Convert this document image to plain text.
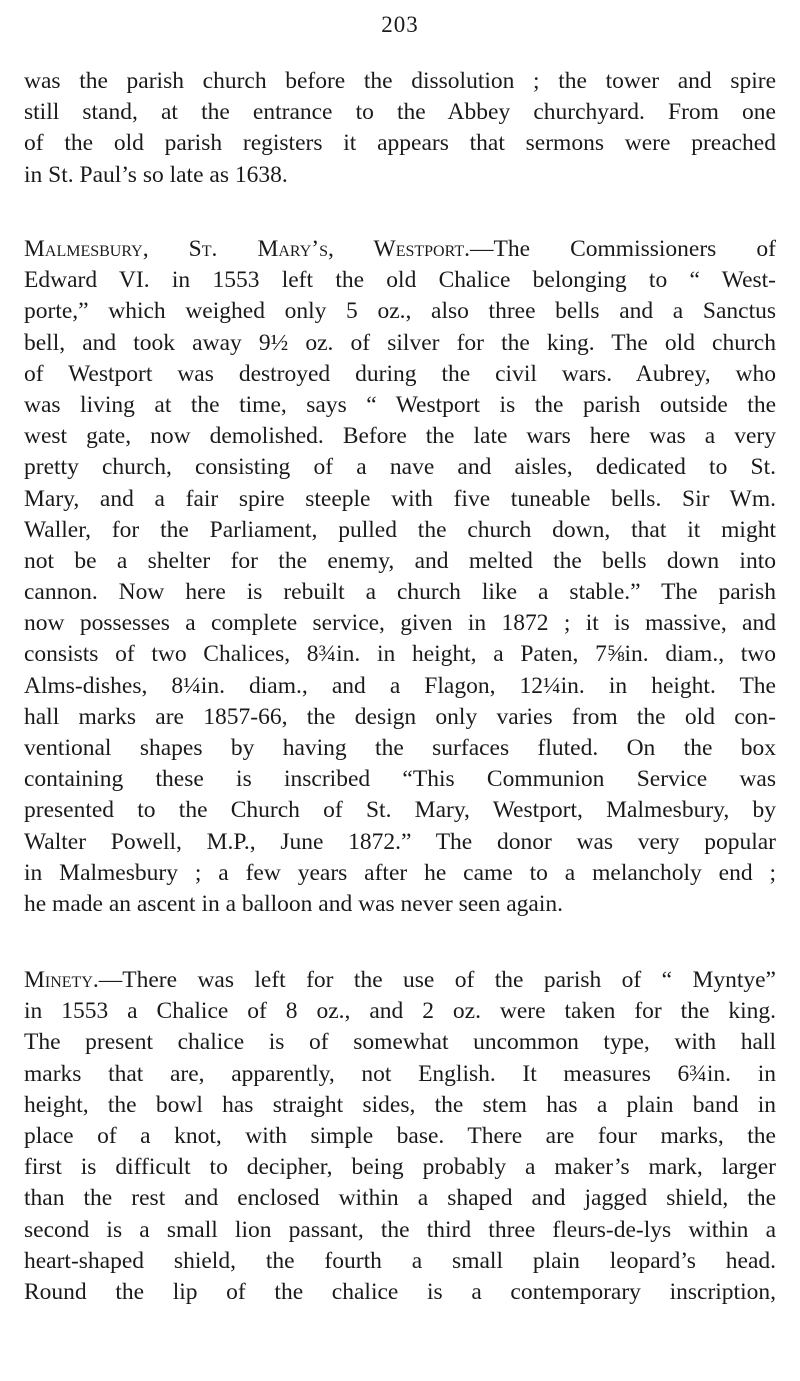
203
was the parish church before the dissolution ; the tower and spire
still stand, at the entrance to the Abbey churchyard. From one
of the old parish registers it appears that sermons were preached
in St. Paul’s so late as 1638.
Malmesbury, St. Mary’s, Westport.—The Commissioners of
Edward VI. in 1553 left the old Chalice belonging to “ West-
porte,” which weighed only 5 oz., also three bells and a Sanctus
bell, and took away 9½ oz. of silver for the king. The old church
of Westport was destroyed during the civil wars. Aubrey, who
was living at the time, says “ Westport is the parish outside the
west gate, now demolished. Before the late wars here was a very
pretty church, consisting of a nave and aisles, dedicated to St.
Mary, and a fair spire steeple with five tuneable bells. Sir Wm.
Waller, for the Parliament, pulled the church down, that it might
not be a shelter for the enemy, and melted the bells down into
cannon. Now here is rebuilt a church like a stable.” The parish
now possesses a complete service, given in 1872 ; it is massive, and
consists of two Chalices, 8¾in. in height, a Paten, 7⅝in. diam., two
Alms-dishes, 8¼in. diam., and a Flagon, 12¼in. in height. The
hall marks are 1857-66, the design only varies from the old con-
ventional shapes by having the surfaces fluted. On the box
containing these is inscribed “This Communion Service was
presented to the Church of St. Mary, Westport, Malmesbury, by
Walter Powell, M.P., June 1872.” The donor was very popular
in Malmesbury ; a few years after he came to a melancholy end ;
he made an ascent in a balloon and was never seen again.
Minety.—There was left for the use of the parish of “ Myntye”
in 1553 a Chalice of 8 oz., and 2 oz. were taken for the king.
The present chalice is of somewhat uncommon type, with hall
marks that are, apparently, not English. It measures 6¾in. in
height, the bowl has straight sides, the stem has a plain band in
place of a knot, with simple base. There are four marks, the
first is difficult to decipher, being probably a maker’s mark, larger
than the rest and enclosed within a shaped and jagged shield, the
second is a small lion passant, the third three fleurs-de-lys within a
heart-shaped shield, the fourth a small plain leopard’s head.
Round the lip of the chalice is a contemporary inscription,
